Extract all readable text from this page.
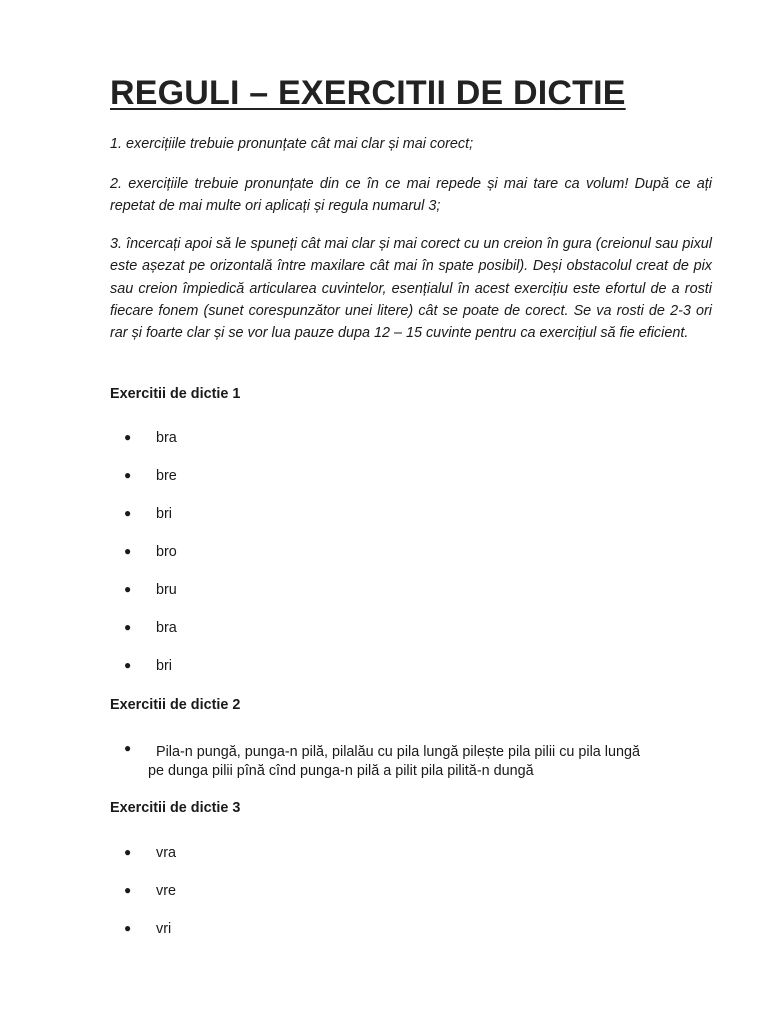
REGULI – EXERCITII DE DICTIE

1. exercițiile trebuie pronunțate cât mai clar și mai corect;

2. exercițiile trebuie pronunțate din ce în ce mai repede și mai tare ca volum! După ce ați repetat de mai multe ori aplicați și regula numarul 3;

3. încercați apoi să le spuneți cât mai clar și mai corect cu un creion în gura (creionul sau pixul este așezat pe orizontală între maxilare cât mai în spate posibil). Deși obstacolul creat de pix sau creion împiedică articularea cuvintelor, esențialul în acest exercițiu este efortul de a rosti fiecare fonem (sunet corespunzător unei litere) cât se poate de corect. Se va rosti de 2-3 ori rar și foarte clar și se vor lua pauze dupa 12 – 15 cuvinte pentru ca exercițiul să fie eficient.

Exercitii de dictie 1

● bra
● bre
● bri
● bro
● bru
● bra
● bri

Exercitii de dictie 2

● Pila-n pungă, punga-n pilă, pilalău cu pila lungă pilește pila pilii cu pila lungă
pe dunga pilii pînă cînd punga-n pilă a pilit pila pilită-n dungă

Exercitii de dictie 3

● vra
● vre
● vri
